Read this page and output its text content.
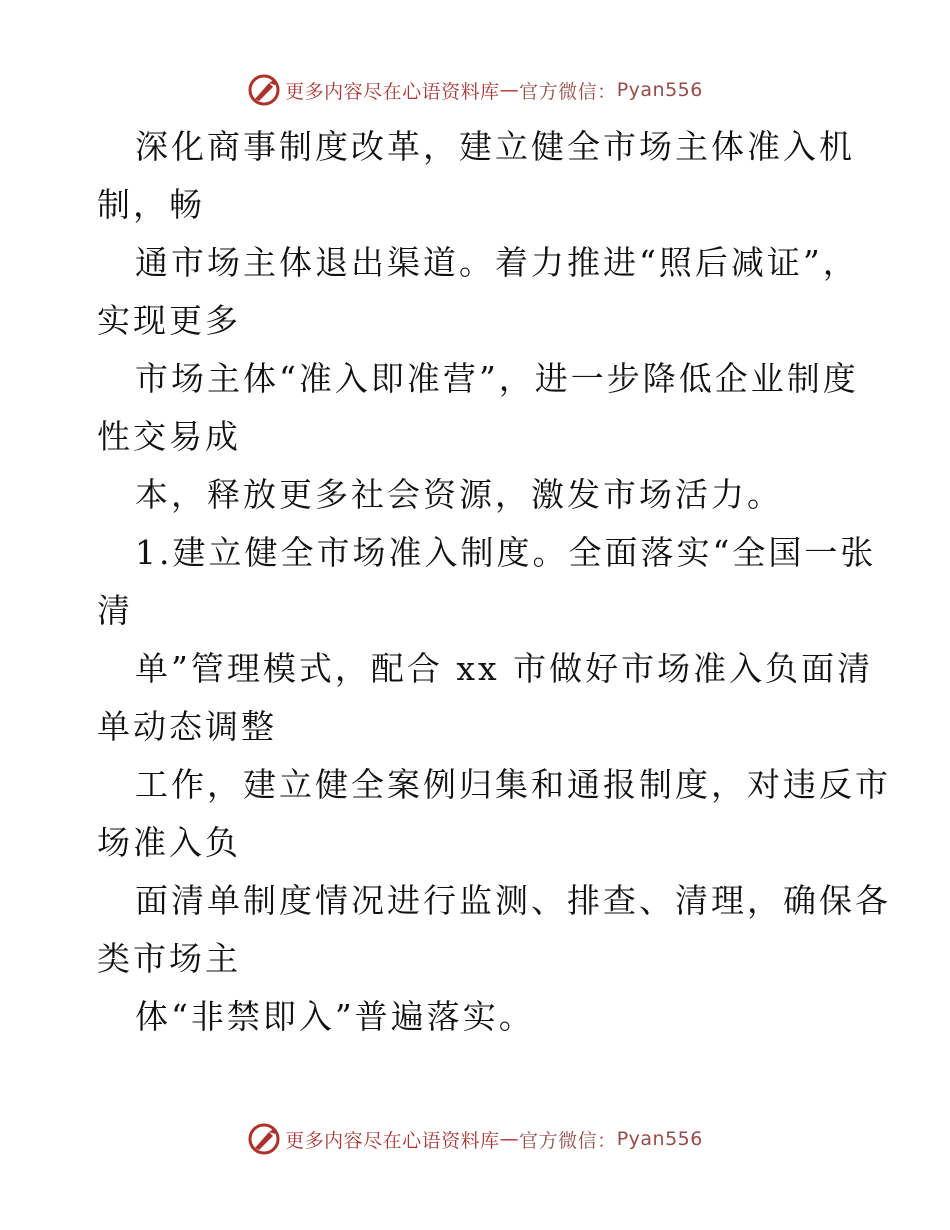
更多内容尽在心语资料库 — 官方微信： Pyan556
深化商事制度改革，建立健全市场主体准入机
制，畅
通市场主体退出渠道。着力推进“照后减证”，
实现更多
市场主体“准入即准营”，进一步降低企业制度
性交易成
本，释放更多社会资源，激发市场活力。
1.建立健全市场准入制度。全面落实“全国一张
清
单”管理模式，配合 xx 市做好市场准入负面清
单动态调整
工作，建立健全案例归集和通报制度，对违反市
场准入负
面清单制度情况进行监测、排查、清理，确保各
类市场主
体“非禁即入”普遍落实。
更多内容尽在心语资料库 — 官方微信： Pyan556
